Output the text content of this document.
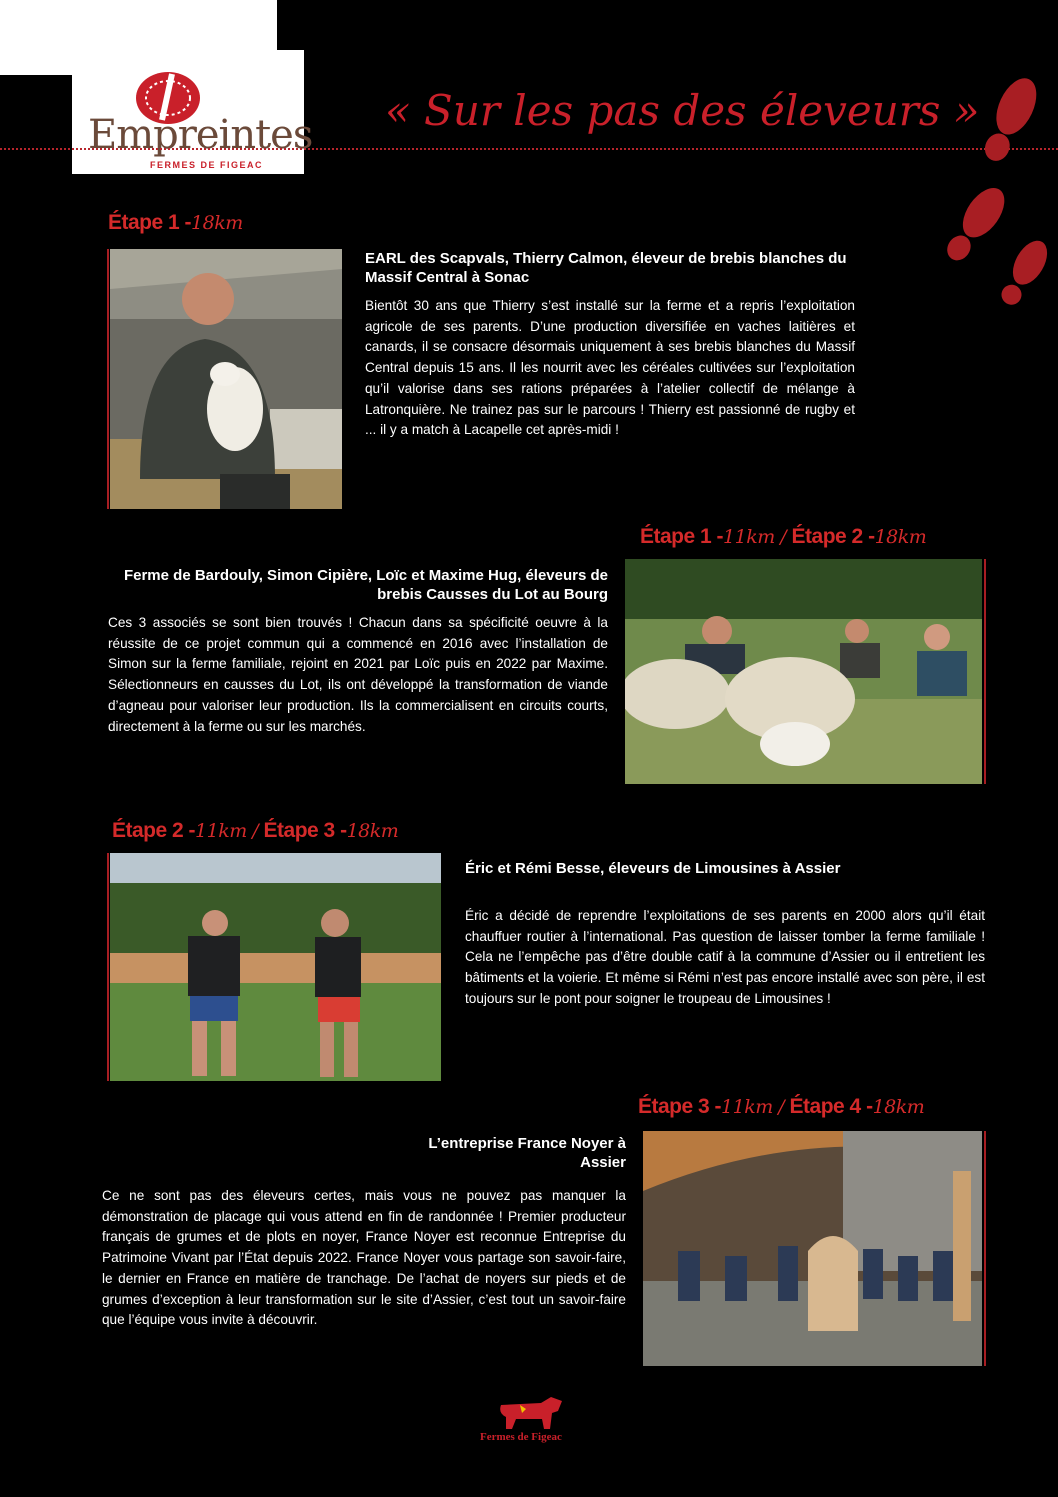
Empreintes
FERMES DE FIGEAC
« Sur les pas des éleveurs »
Étape 1 -18km
EARL des Scapvals, Thierry Calmon, éleveur de brebis blanches du Massif Central à Sonac
Bientôt 30 ans que Thierry s’est installé sur la ferme et a repris l’exploitation agricole de ses parents. D’une production diversifiée en vaches laitières et canards, il se consacre désormais uniquement à ses brebis blanches du Massif Central depuis 15 ans. Il les nourrit avec les céréales cultivées sur l’exploitation qu’il valorise dans ses rations préparées à l’atelier collectif de mélange à Latronquière. Ne trainez pas sur le parcours ! Thierry est passionné de rugby et ... il y a match à Lacapelle cet après-midi !
Étape 1 -11km / Étape 2 -18km
Ferme de Bardouly, Simon Cipière, Loïc et Maxime Hug, éleveurs de brebis Causses du Lot au Bourg
Ces 3 associés se sont bien trouvés ! Chacun dans sa spécificité oeuvre à la réussite de ce projet commun qui a commencé en 2016 avec l’installation de Simon sur la ferme familiale, rejoint en 2021 par Loïc puis en 2022 par Maxime. Sélectionneurs en causses du Lot, ils ont développé la transformation de viande d’agneau pour valoriser leur production. Ils la commercialisent en circuits courts, directement à la ferme ou sur les marchés.
Étape 2 -11km / Étape 3 -18km
Éric et Rémi Besse, éleveurs de Limousines à Assier
Éric a décidé de reprendre l’exploitations de ses parents en 2000 alors qu’il était chauffuer routier à l’international. Pas question de laisser tomber la ferme familiale ! Cela ne l’empêche pas d’être double catif à la commune d’Assier ou il entretient les bâtiments et la voierie. Et même si Rémi n’est pas encore installé avec son père, il est toujours sur le pont pour soigner le troupeau de Limousines !
Étape 3 -11km / Étape 4 -18km
L’entreprise France Noyer à Assier
Ce ne sont pas des éleveurs certes, mais vous ne pouvez pas manquer la démonstration de placage qui vous attend en fin de randonnée ! Premier producteur français de grumes et de plots en noyer, France Noyer est reconnue Entreprise du Patrimoine Vivant par l’État depuis 2022. France Noyer vous partage son savoir-faire, le dernier en France en matière de tranchage. De l’achat de noyers sur pieds et de grumes d’exception à leur transformation sur le site d’Assier, c’est tout un savoir-faire que l’équipe vous invite à découvrir.
Fermes de Figeac
